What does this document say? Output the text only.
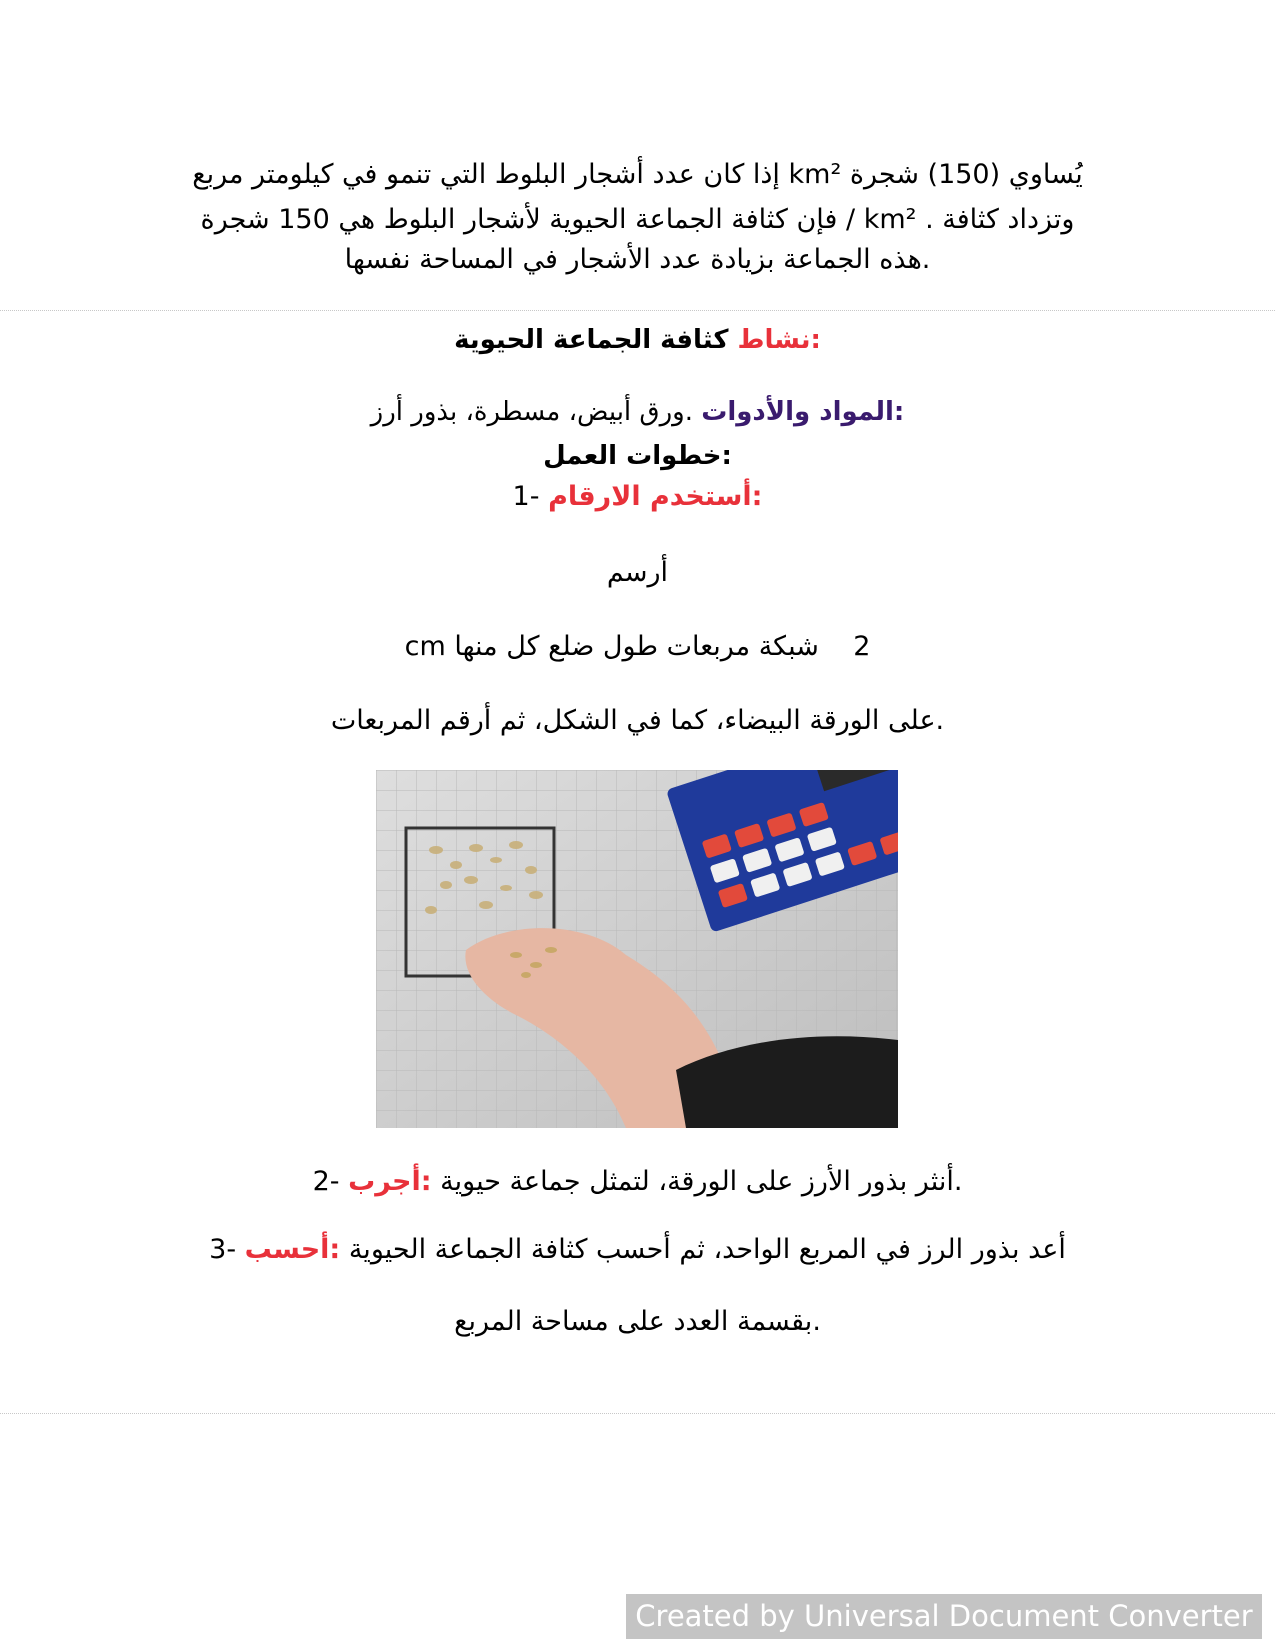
يُساوي (150) شجرة km² إذا كان عدد أشجار البلوط التي تنمو في كيلومتر مربع
وتزداد كثافة . km² / فإن كثافة الجماعة الحيوية لأشجار البلوط هي 150 شجرة
.هذه الجماعة بزيادة عدد الأشجار في المساحة نفسها
:نشاط كثافة الجماعة الحيوية
:المواد والأدوات .ورق أبيض، مسطرة، بذور أرز
:خطوات العمل
:أستخدم الارقام -1
أرسم
2    شبكة مربعات طول ضلع كل منها cm
.على الورقة البيضاء، كما في الشكل، ثم أرقم المربعات
.أنثر بذور الأرز على الورقة، لتمثل جماعة حيوية :أجرب -2
أعد بذور الرز في المربع الواحد، ثم أحسب كثافة الجماعة الحيوية :أحسب -3
.بقسمة العدد على مساحة المربع
Created by Universal Document Converter
